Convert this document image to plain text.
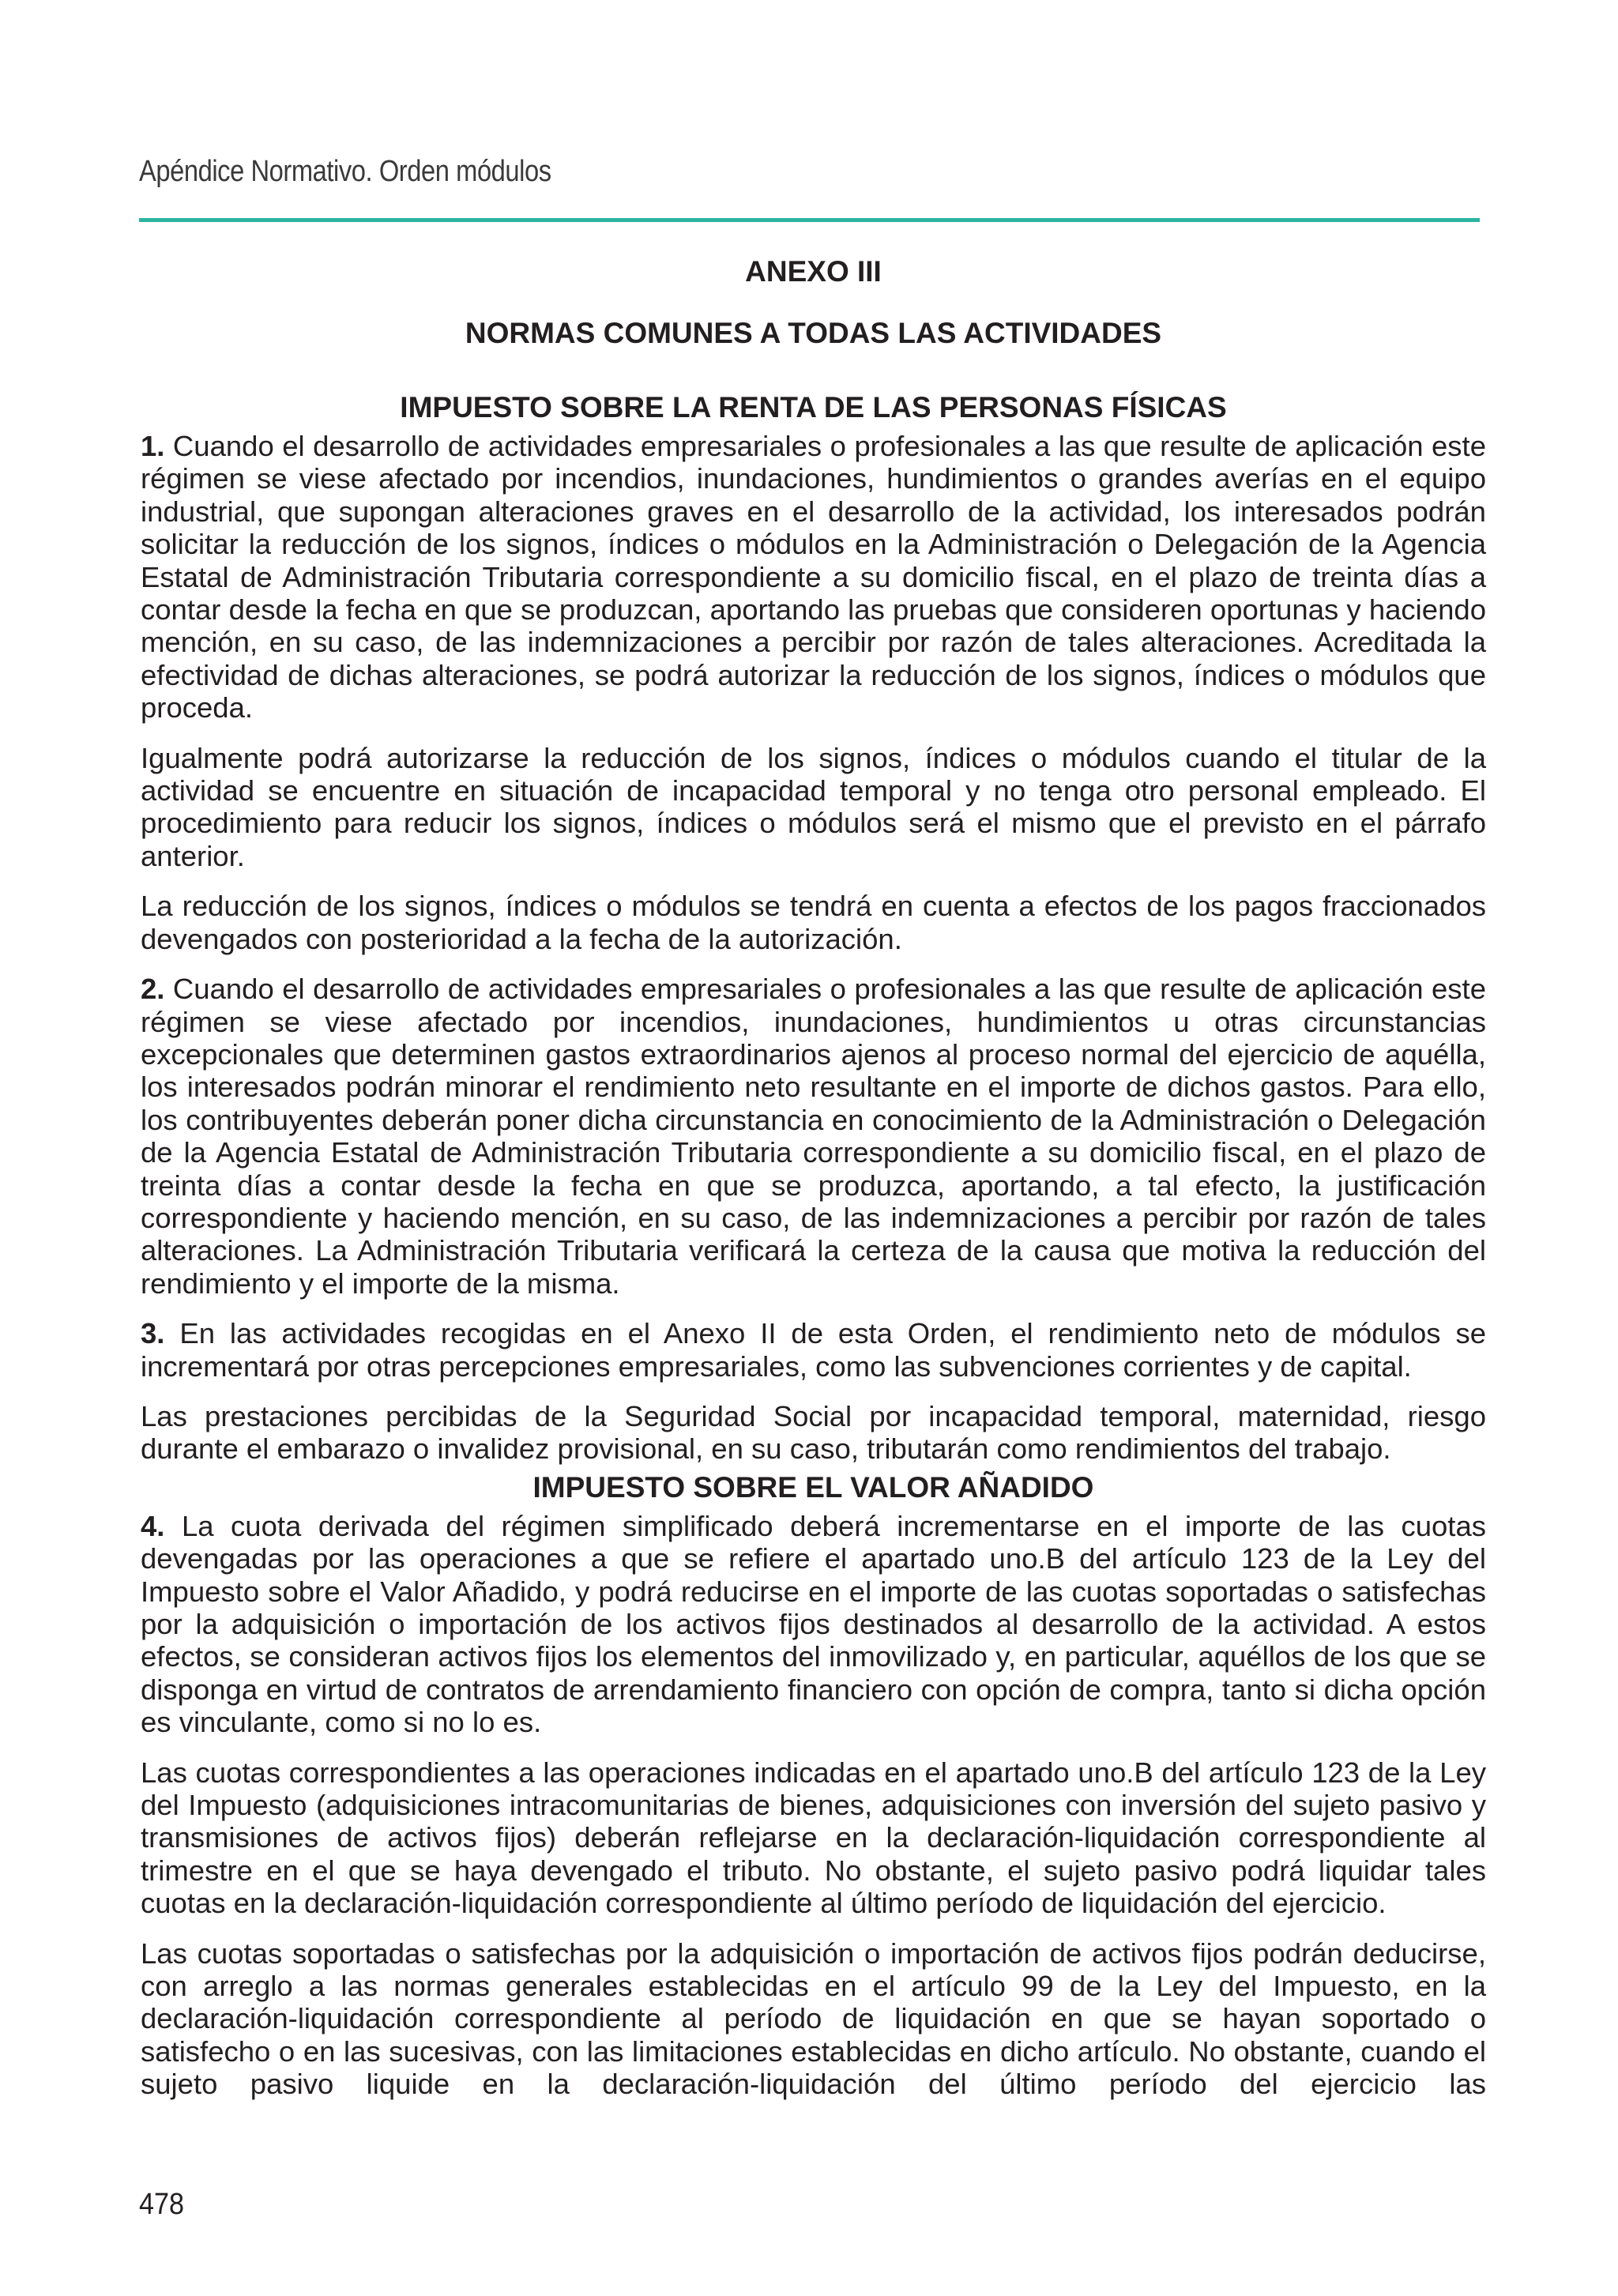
Apéndice Normativo. Orden módulos
ANEXO III
NORMAS COMUNES A TODAS LAS ACTIVIDADES
IMPUESTO SOBRE LA RENTA DE LAS PERSONAS FÍSICAS

1. Cuando el desarrollo de actividades empresariales o profesionales a las que resulte de aplicación este régimen se viese afectado por incendios, inundaciones, hundimientos o grandes averías en el equipo industrial, que supongan alteraciones graves en el desarrollo de la actividad, los interesados podrán solicitar la reducción de los signos, índices o módulos en la Administración o Delegación de la Agencia Estatal de Administración Tributaria correspondiente a su domicilio fiscal, en el plazo de treinta días a contar desde la fecha en que se produzcan, aportando las pruebas que consideren oportunas y haciendo mención, en su caso, de las indemnizaciones a percibir por razón de tales alteraciones. Acreditada la efectividad de dichas alteraciones, se podrá autorizar la reducción de los signos, índices o módulos que proceda.

Igualmente podrá autorizarse la reducción de los signos, índices o módulos cuando el titular de la actividad se encuentre en situación de incapacidad temporal y no tenga otro personal empleado. El procedimiento para reducir los signos, índices o módulos será el mismo que el previsto en el párrafo anterior.

La reducción de los signos, índices o módulos se tendrá en cuenta a efectos de los pagos fraccionados devengados con posterioridad a la fecha de la autorización.

2. Cuando el desarrollo de actividades empresariales o profesionales a las que resulte de aplicación este régimen se viese afectado por incendios, inundaciones, hundimientos u otras circunstancias excepcionales que determinen gastos extraordinarios ajenos al proceso normal del ejercicio de aquélla, los interesados podrán minorar el rendimiento neto resultante en el importe de dichos gastos. Para ello, los contribuyentes deberán poner dicha circunstancia en conocimiento de la Administración o Delegación de la Agencia Estatal de Administración Tributaria correspondiente a su domicilio fiscal, en el plazo de treinta días a contar desde la fecha en que se produzca, aportando, a tal efecto, la justificación correspondiente y haciendo mención, en su caso, de las indemnizaciones a percibir por razón de tales alteraciones. La Administración Tributaria verificará la certeza de la causa que motiva la reducción del rendimiento y el importe de la misma.

3. En las actividades recogidas en el Anexo II de esta Orden, el rendimiento neto de módulos se incrementará por otras percepciones empresariales, como las subvenciones corrientes y de capital.

Las prestaciones percibidas de la Seguridad Social por incapacidad temporal, maternidad, riesgo durante el embarazo o invalidez provisional, en su caso, tributarán como rendimientos del trabajo.

IMPUESTO SOBRE EL VALOR AÑADIDO

4. La cuota derivada del régimen simplificado deberá incrementarse en el importe de las cuotas devengadas por las operaciones a que se refiere el apartado uno.B del artículo 123 de la Ley del Impuesto sobre el Valor Añadido, y podrá reducirse en el importe de las cuotas soportadas o satisfechas por la adquisición o importación de los activos fijos destinados al desarrollo de la actividad. A estos efectos, se consideran activos fijos los elementos del inmovilizado y, en particular, aquéllos de los que se disponga en virtud de contratos de arrendamiento financiero con opción de compra, tanto si dicha opción es vinculante, como si no lo es.

Las cuotas correspondientes a las operaciones indicadas en el apartado uno.B del artículo 123 de la Ley del Impuesto (adquisiciones intracomunitarias de bienes, adquisiciones con inversión del sujeto pasivo y transmisiones de activos fijos) deberán reflejarse en la declaración-liquidación correspondiente al trimestre en el que se haya devengado el tributo. No obstante, el sujeto pasivo podrá liquidar tales cuotas en la declaración-liquidación correspondiente al último período de liquidación del ejercicio.

Las cuotas soportadas o satisfechas por la adquisición o importación de activos fijos podrán deducirse, con arreglo a las normas generales establecidas en el artículo 99 de la Ley del Impuesto, en la declaración-liquidación correspondiente al período de liquidación en que se hayan soportado o satisfecho o en las sucesivas, con las limitaciones establecidas en dicho artículo. No obstante, cuando el sujeto pasivo liquide en la declaración-liquidación del último período del ejercicio las

478
